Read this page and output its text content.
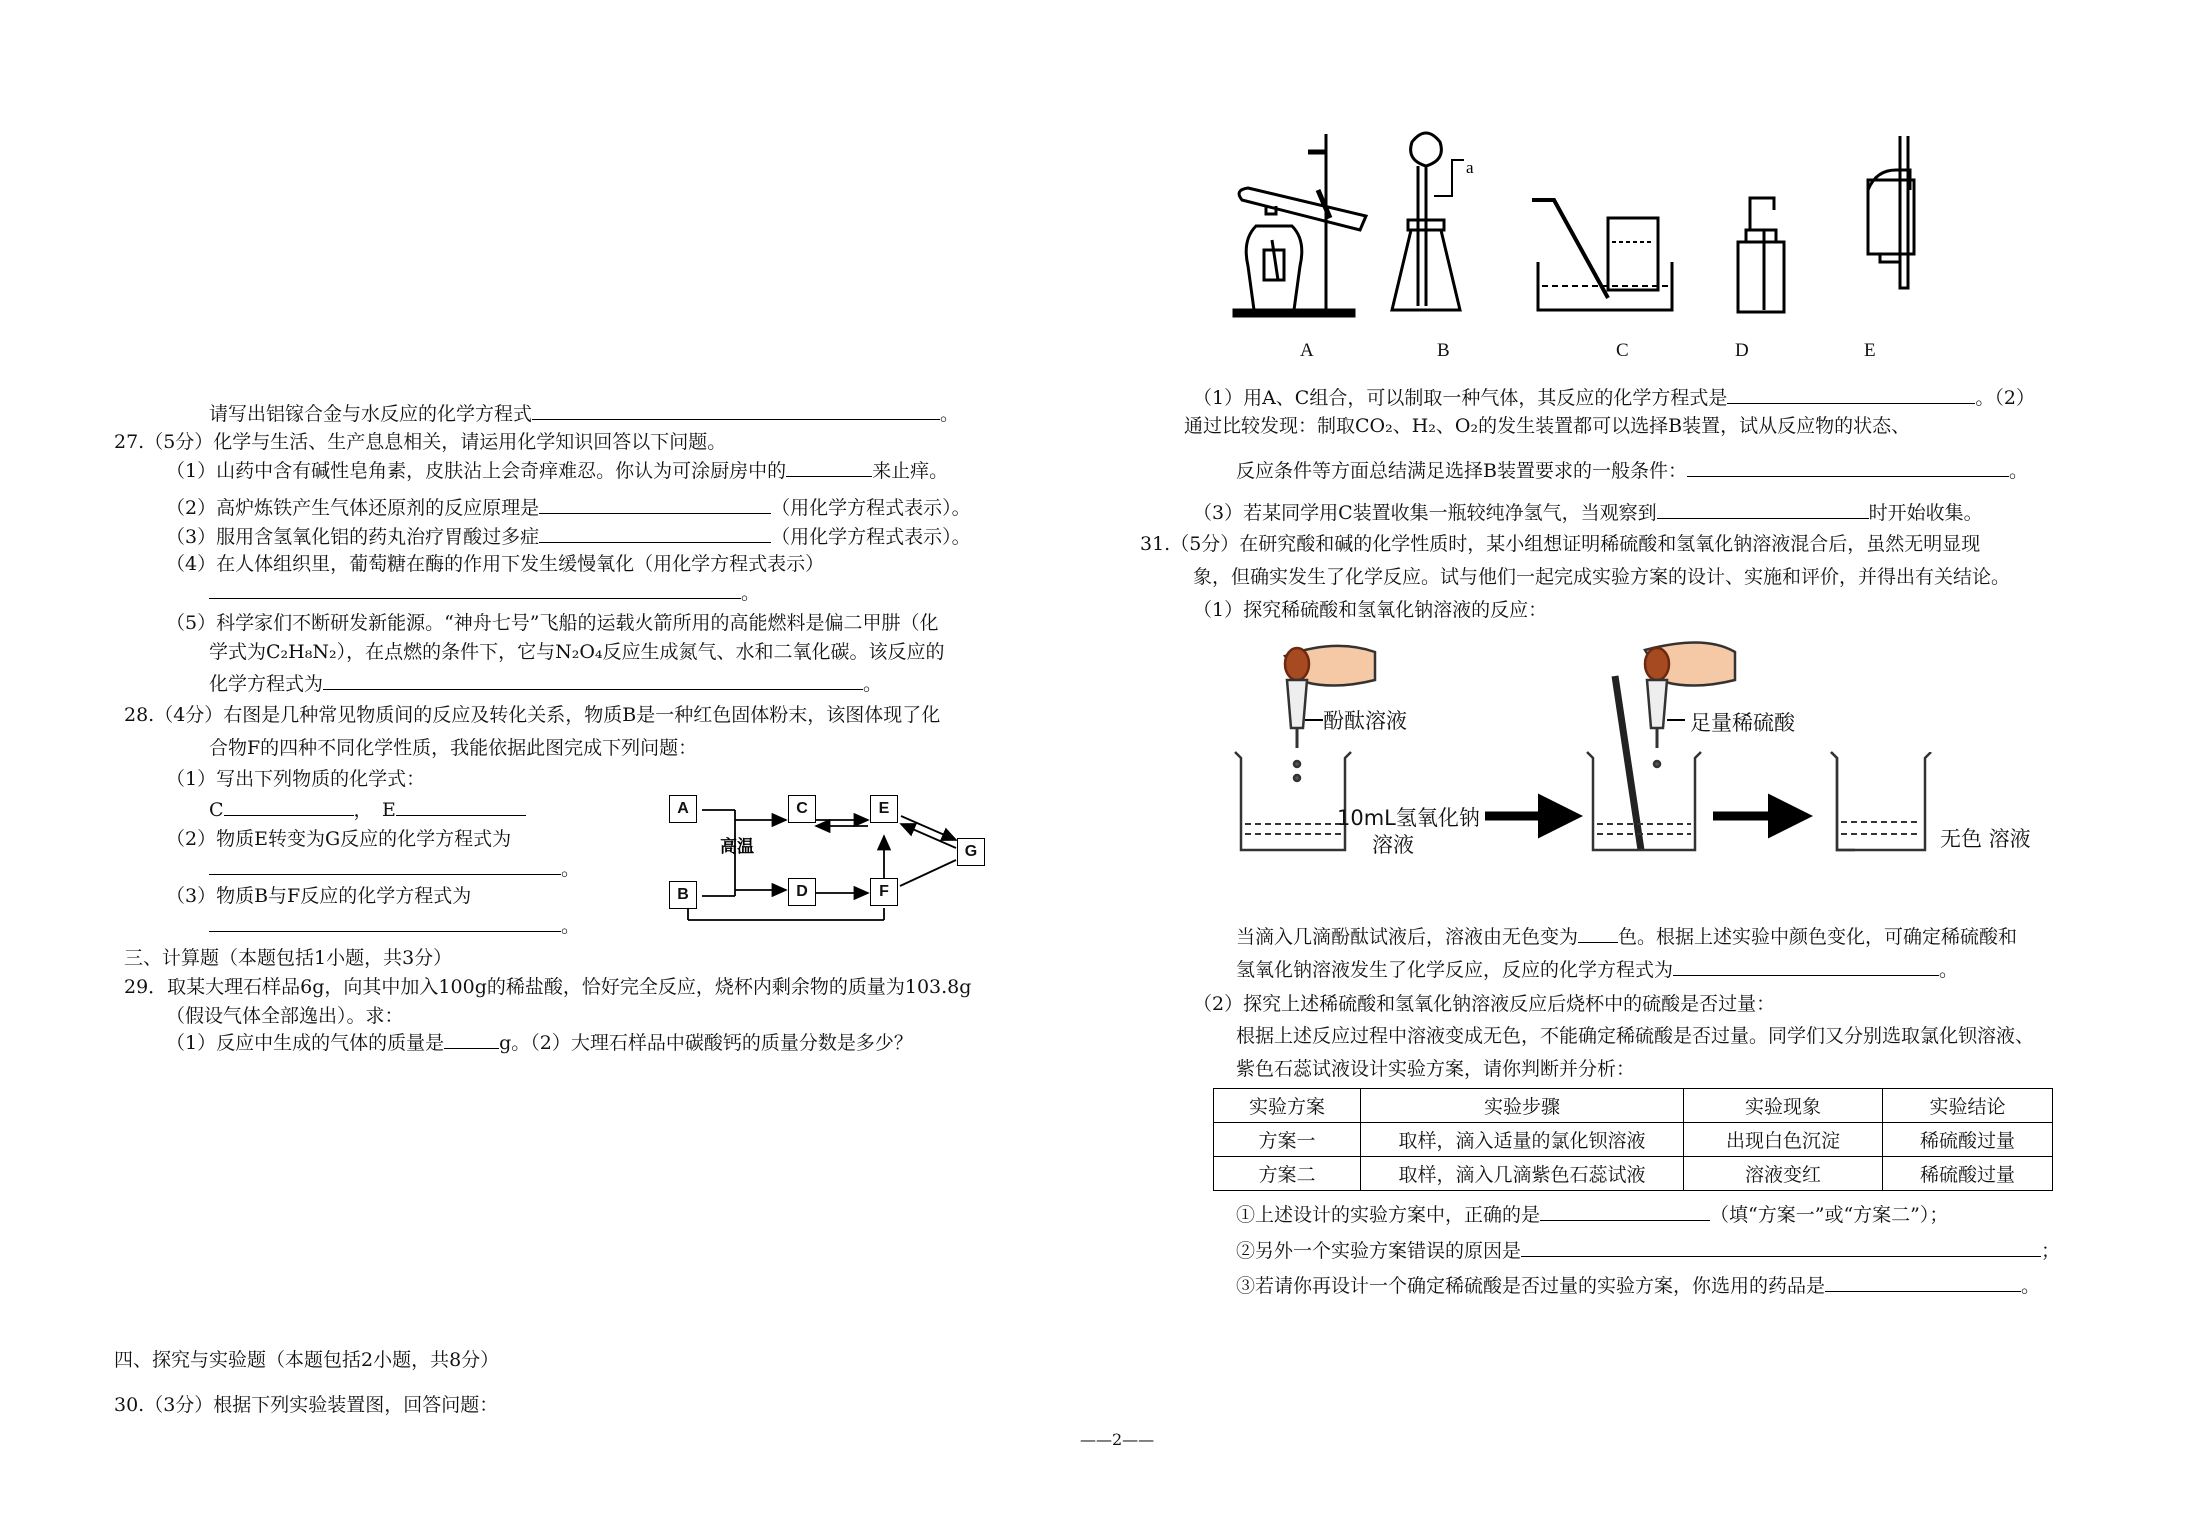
请写出铝镓合金与水反应的化学方程式	。
27.（5分）化学与生活、生产息息相关，请运用化学知识回答以下问题。
（1）山药中含有碱性皂角素，皮肤沾上会奇痒难忍。你认为可涂厨房中的	来止痒。
（2）高炉炼铁产生气体还原剂的反应原理是	（用化学方程式表示）。
（3）服用含氢氧化铝的药丸治疗胃酸过多症	（用化学方程式表示）。
（4）在人体组织里，葡萄糖在酶的作用下发生缓慢氧化（用化学方程式表示）
。
（5）科学家们不断研发新能源。“神舟七号”飞船的运载火箭所用的高能燃料是偏二甲肼（化
学式为C₂H₈N₂），在点燃的条件下，它与N₂O₄反应生成氮气、水和二氧化碳。该反应的
化学方程式为	。
28.（4分）右图是几种常见物质间的反应及转化关系，物质B是一种红色固体粉末，该图体现了化
合物F的四种不同化学性质，我能依据此图完成下列问题：
（1）写出下列物质的化学式：
C	，　E
（2）物质E转变为G反应的化学方程式为
。
（3）物质B与F反应的化学方程式为
。
高温
A
B
C
D
E
F
G
三、计算题（本题包括1小题，共3分）
29．取某大理石样品6g，向其中加入100g的稀盐酸，恰好完全反应，烧杯内剩余物的质量为103.8g
（假设气体全部逸出）。求：
（1）反应中生成的气体的质量是	g。（2）大理石样品中碳酸钙的质量分数是多少？
四、探究与实验题（本题包括2小题，共8分）
30.（3分）根据下列实验装置图，回答问题：
a
A	B	C	D	E
（1）用A、C组合，可以制取一种气体，其反应的化学方程式是	。（2）
通过比较发现：制取CO₂、H₂、O₂的发生装置都可以选择B装置，试从反应物的状态、
反应条件等方面总结满足选择B装置要求的一般条件：	。
（3）若某同学用C装置收集一瓶较纯净氢气，当观察到	时开始收集。
31.（5分）在研究酸和碱的化学性质时，某小组想证明稀硫酸和氢氧化钠溶液混合后，虽然无明显现
象，但确实发生了化学反应。试与他们一起完成实验方案的设计、实施和评价，并得出有关结论。
（1）探究稀硫酸和氢氧化钠溶液的反应：
酚酞溶液
10mL氢氧化钠
溶液
足量稀硫酸
无色 溶液
当滴入几滴酚酞试液后，溶液由无色变为 色。根据上述实验中颜色变化，可确定稀硫酸和
氢氧化钠溶液发生了化学反应，反应的化学方程式为	。
（2）探究上述稀硫酸和氢氧化钠溶液反应后烧杯中的硫酸是否过量：
根据上述反应过程中溶液变成无色，不能确定稀硫酸是否过量。同学们又分别选取氯化钡溶液、
紫色石蕊试液设计实验方案，请你判断并分析：
实验方案	实验步骤	实验现象	实验结论
方案一	取样，滴入适量的氯化钡溶液	出现白色沉淀	稀硫酸过量
方案二	取样，滴入几滴紫色石蕊试液	溶液变红	稀硫酸过量
①上述设计的实验方案中，正确的是	（填“方案一”或“方案二”）；
②另外一个实验方案错误的原因是	；
③若请你再设计一个确定稀硫酸是否过量的实验方案，你选用的药品是	。
——2——
